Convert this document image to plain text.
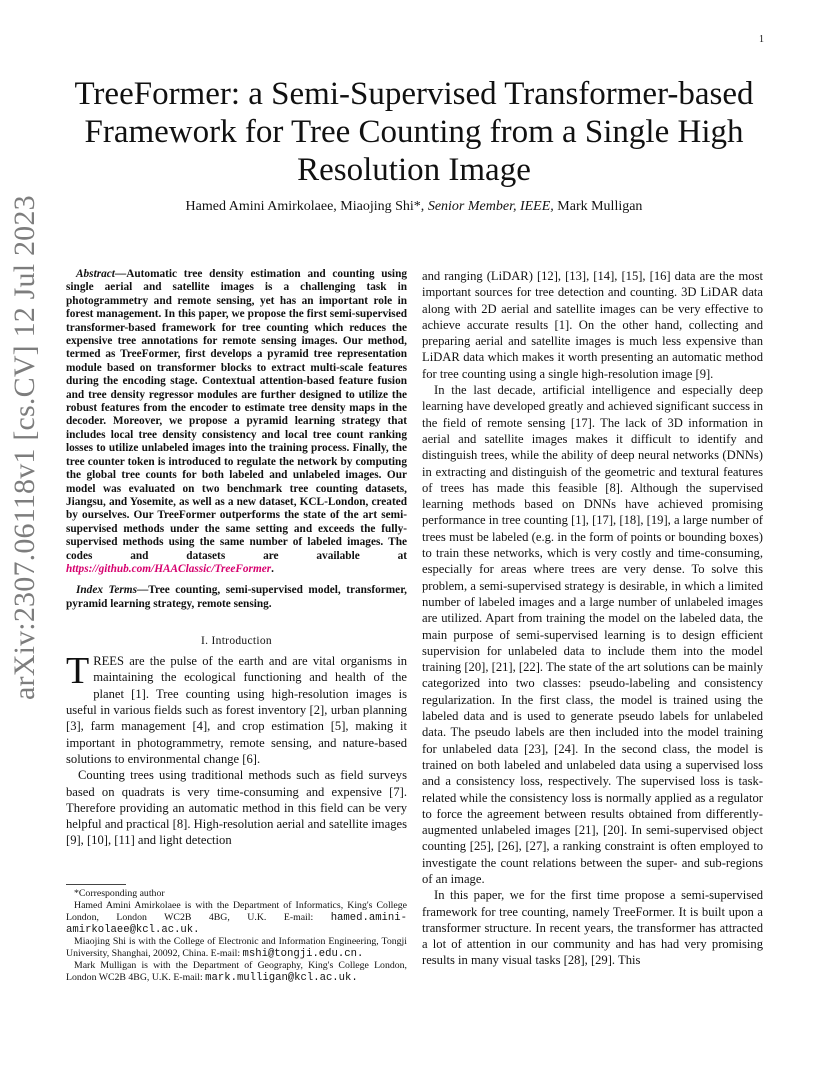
1
arXiv:2307.06118v1 [cs.CV] 12 Jul 2023
TreeFormer: a Semi-Supervised Transformer-based Framework for Tree Counting from a Single High Resolution Image
Hamed Amini Amirkolaee, Miaojing Shi*, Senior Member, IEEE, Mark Mulligan

Abstract—Automatic tree density estimation and counting using single aerial and satellite images is a challenging task in photogrammetry and remote sensing, yet has an important role in forest management. In this paper, we propose the first semi-supervised transformer-based framework for tree counting which reduces the expensive tree annotations for remote sensing images. Our method, termed as TreeFormer, first develops a pyramid tree representation module based on transformer blocks to extract multi-scale features during the encoding stage. Contextual attention-based feature fusion and tree density regressor modules are further designed to utilize the robust features from the encoder to estimate tree density maps in the decoder. Moreover, we propose a pyramid learning strategy that includes local tree density consistency and local tree count ranking losses to utilize unlabeled images into the training process. Finally, the tree counter token is introduced to regulate the network by computing the global tree counts for both labeled and unlabeled images. Our model was evaluated on two benchmark tree counting datasets, Jiangsu, and Yosemite, as well as a new dataset, KCL-London, created by ourselves. Our TreeFormer outperforms the state of the art semi-supervised methods under the same setting and exceeds the fully-supervised methods using the same number of labeled images. The codes and datasets are available at https://github.com/HAAClassic/TreeFormer.

Index Terms—Tree counting, semi-supervised model, transformer, pyramid learning strategy, remote sensing.

I. Introduction

TREES are the pulse of the earth and are vital organisms in maintaining the ecological functioning and health of the planet [1]. Tree counting using high-resolution images is useful in various fields such as forest inventory [2], urban planning [3], farm management [4], and crop estimation [5], making it important in photogrammetry, remote sensing, and nature-based solutions to environmental change [6].

Counting trees using traditional methods such as field surveys based on quadrats is very time-consuming and expensive [7]. Therefore providing an automatic method in this field can be very helpful and practical [8]. High-resolution aerial and satellite images [9], [10], [11] and light detection

*Corresponding author

Hamed Amini Amirkolaee is with the Department of Informatics, King's College London, London WC2B 4BG, U.K. E-mail: hamed.amini-amirkolaee@kcl.ac.uk.

Miaojing Shi is with the College of Electronic and Information Engineering, Tongji University, Shanghai, 20092, China. E-mail: mshi@tongji.edu.cn.

Mark Mulligan is with the Department of Geography, King's College London, London WC2B 4BG, U.K. E-mail: mark.mulligan@kcl.ac.uk.

and ranging (LiDAR) [12], [13], [14], [15], [16] data are the most important sources for tree detection and counting. 3D LiDAR data along with 2D aerial and satellite images can be very effective to achieve accurate results [1]. On the other hand, collecting and preparing aerial and satellite images is much less expensive than LiDAR data which makes it worth presenting an automatic method for tree counting using a single high-resolution image [9].

In the last decade, artificial intelligence and especially deep learning have developed greatly and achieved significant success in the field of remote sensing [17]. The lack of 3D information in aerial and satellite images makes it difficult to identify and distinguish trees, while the ability of deep neural networks (DNNs) in extracting and distinguish of the geometric and textural features of trees has made this feasible [8]. Although the supervised learning methods based on DNNs have achieved promising performance in tree counting [1], [17], [18], [19], a large number of trees must be labeled (e.g. in the form of points or bounding boxes) to train these networks, which is very costly and time-consuming, especially for areas where trees are very dense. To solve this problem, a semi-supervised strategy is desirable, in which a limited number of labeled images and a large number of unlabeled images are utilized. Apart from training the model on the labeled data, the main purpose of semi-supervised learning is to design efficient supervision for unlabeled data to include them into the model training [20], [21], [22]. The state of the art solutions can be mainly categorized into two classes: pseudo-labeling and consistency regularization. In the first class, the model is trained using the labeled data and is used to generate pseudo labels for unlabeled data. The pseudo labels are then included into the model training for unlabeled data [23], [24]. In the second class, the model is trained on both labeled and unlabeled data using a supervised loss and a consistency loss, respectively. The supervised loss is task-related while the consistency loss is normally applied as a regulator to force the agreement between results obtained from differently-augmented unlabeled images [21], [20]. In semi-supervised object counting [25], [26], [27], a ranking constraint is often employed to investigate the count relations between the super- and sub-regions of an image.

In this paper, we for the first time propose a semi-supervised framework for tree counting, namely TreeFormer. It is built upon a transformer structure. In recent years, the transformer has attracted a lot of attention in our community and has had very promising results in many visual tasks [28], [29]. This
